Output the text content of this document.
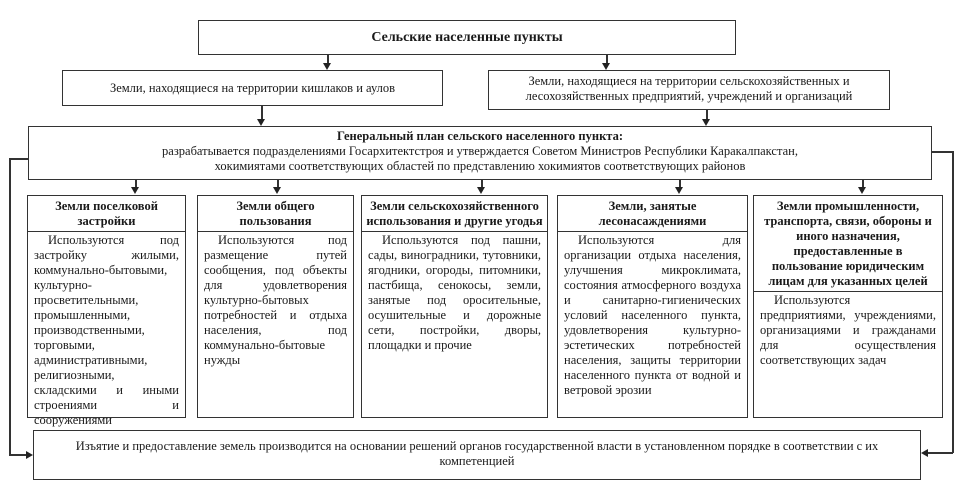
Сельские населенные пункты
Земли, находящиеся на территории кишлаков и аулов	Земли, находящиеся на территории сельскохозяйственных и лесохозяйственных предприятий, учреждений и организаций
Генеральный план сельского населенного пункта:
разрабатывается подразделениями Госархитектстроя и утверждается Советом Министров Республики Каракалпакстан,
хокимиятами соответствующих областей по представлению хокимиятов соответствующих районов
Земли поселковой застройки
Используются под застройку жилыми, коммунально-бытовыми, культурно-просветительными, промышленными, производственными, торговыми, административными, религиозными, складскими и иными строениями и сооружениями
Земли общего пользования
Используются под размещение путей сообщения, под объекты для удовлетворения культурно-бытовых потребностей и отдыха населения, под коммунально-бытовые нужды
Земли сельскохозяйственного использования и другие угодья
Используются под пашни, сады, виноградники, тутовники, ягодники, огороды, питомники, пастбища, сенокосы, земли, занятые под оросительные, осушительные и дорожные сети, постройки, дворы, площадки и прочие
Земли, занятые лесонасаждениями
Используются для организации отдыха населения, улучшения микроклимата, состояния атмосферного воздуха и санитарно-гигиенических условий населенного пункта, удовлетворения культурно-эстетических потребностей населения, защиты территории населенного пункта от водной и ветровой эрозии
Земли промышленности, транспорта, связи, обороны и иного назначения, предоставленные в пользование юридическим лицам для указанных целей
Используются предприятиями, учреждениями, организациями и гражданами для осуществления соответствующих задач
Изъятие и предоставление земель производится на основании решений органов государственной власти в установленном порядке в соответствии с их компетенцией
